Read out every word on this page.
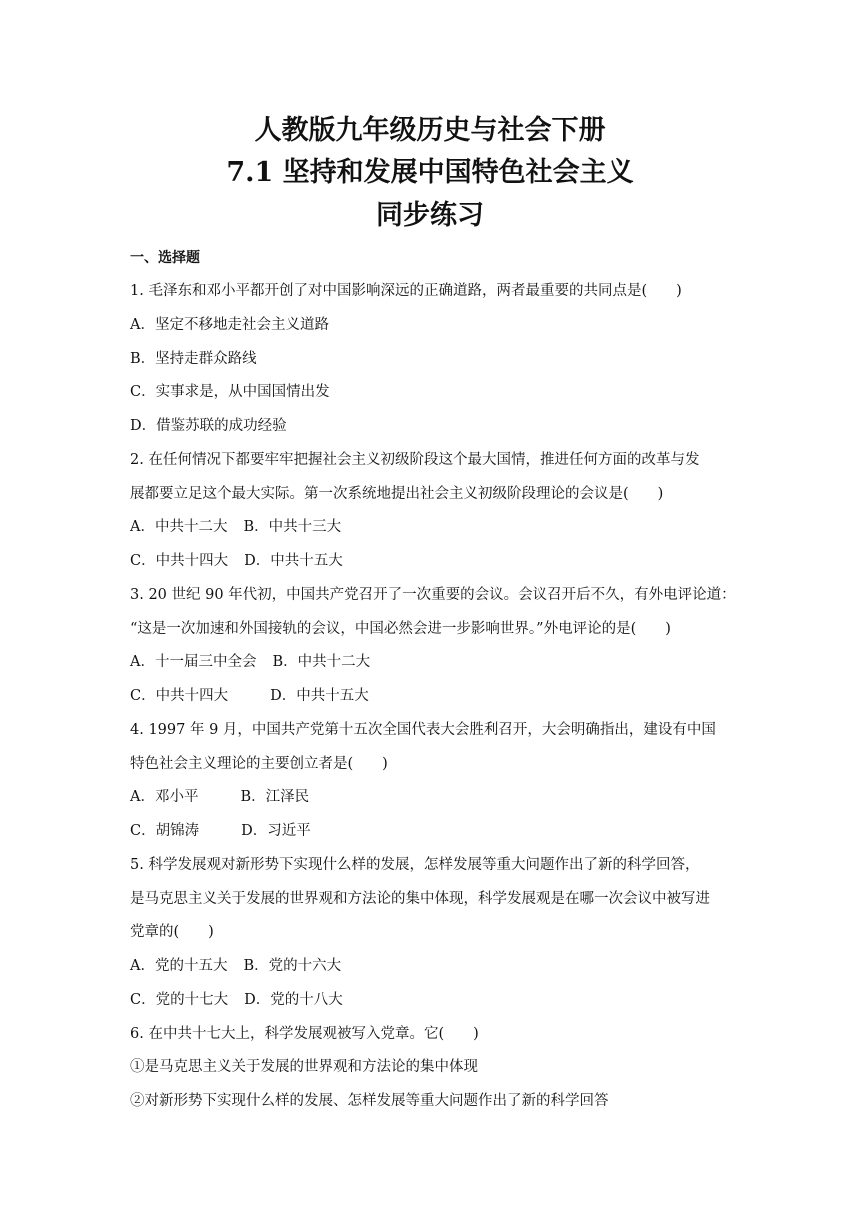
人教版九年级历史与社会下册
7.1 坚持和发展中国特色社会主义
同步练习
一、选择题
1. 毛泽东和邓小平都开创了对中国影响深远的正确道路，两者最重要的共同点是(　　)
A．坚定不移地走社会主义道路
B．坚持走群众路线
C．实事求是，从中国国情出发
D．借鉴苏联的成功经验
2. 在任何情况下都要牢牢把握社会主义初级阶段这个最大国情，推进任何方面的改革与发
展都要立足这个最大实际。第一次系统地提出社会主义初级阶段理论的会议是(　　)
A．中共十二大 B．中共十三大
C．中共十四大 D．中共十五大
3. 20 世纪 90 年代初，中国共产党召开了一次重要的会议。会议召开后不久，有外电评论道：
“这是一次加速和外国接轨的会议，中国必然会进一步影响世界。”外电评论的是(　　)
A．十一届三中全会 B．中共十二大
C．中共十四大	D．中共十五大
4. 1997 年 9 月，中国共产党第十五次全国代表大会胜利召开，大会明确指出，建设有中国
特色社会主义理论的主要创立者是(　　)
A．邓小平	B．江泽民
C．胡锦涛	D．习近平
5. 科学发展观对新形势下实现什么样的发展，怎样发展等重大问题作出了新的科学回答，
是马克思主义关于发展的世界观和方法论的集中体现，科学发展观是在哪一次会议中被写进
党章的(　　)
A．党的十五大 B．党的十六大
C．党的十七大 D．党的十八大
6. 在中共十七大上，科学发展观被写入党章。它(　　)
①是马克思主义关于发展的世界观和方法论的集中体现
②对新形势下实现什么样的发展、怎样发展等重大问题作出了新的科学回答
